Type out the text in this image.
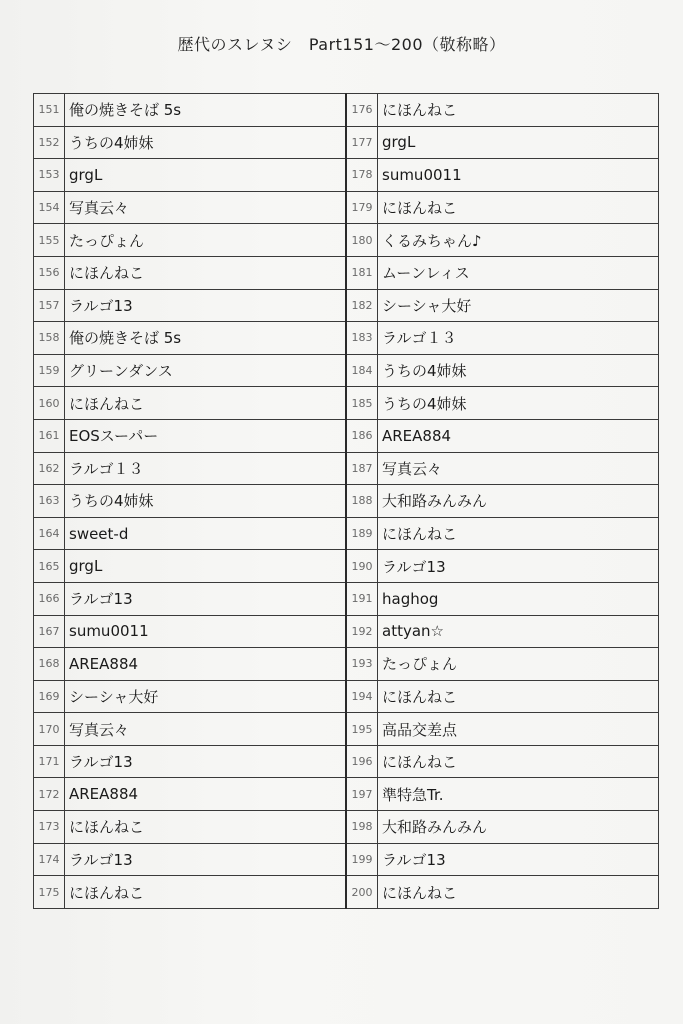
歴代のスレヌシ　Part151～200（敬称略）
151	俺の焼きそば 5s	176	にほんねこ
152	うちの4姉妹	177	grgL
153	grgL	178	sumu0011
154	写真云々	179	にほんねこ
155	たっぴょん	180	くるみちゃん♪
156	にほんねこ	181	ムーンレィス
157	ラルゴ13	182	シーシャ大好
158	俺の焼きそば 5s	183	ラルゴ１３
159	グリーンダンス	184	うちの4姉妹
160	にほんねこ	185	うちの4姉妹
161	EOSスーパー	186	AREA884
162	ラルゴ１３	187	写真云々
163	うちの4姉妹	188	大和路みんみん
164	sweet-d	189	にほんねこ
165	grgL	190	ラルゴ13
166	ラルゴ13	191	haghog
167	sumu0011	192	attyan☆
168	AREA884	193	たっぴょん
169	シーシャ大好	194	にほんねこ
170	写真云々	195	高品交差点
171	ラルゴ13	196	にほんねこ
172	AREA884	197	準特急Tr.
173	にほんねこ	198	大和路みんみん
174	ラルゴ13	199	ラルゴ13
175	にほんねこ	200	にほんねこ
